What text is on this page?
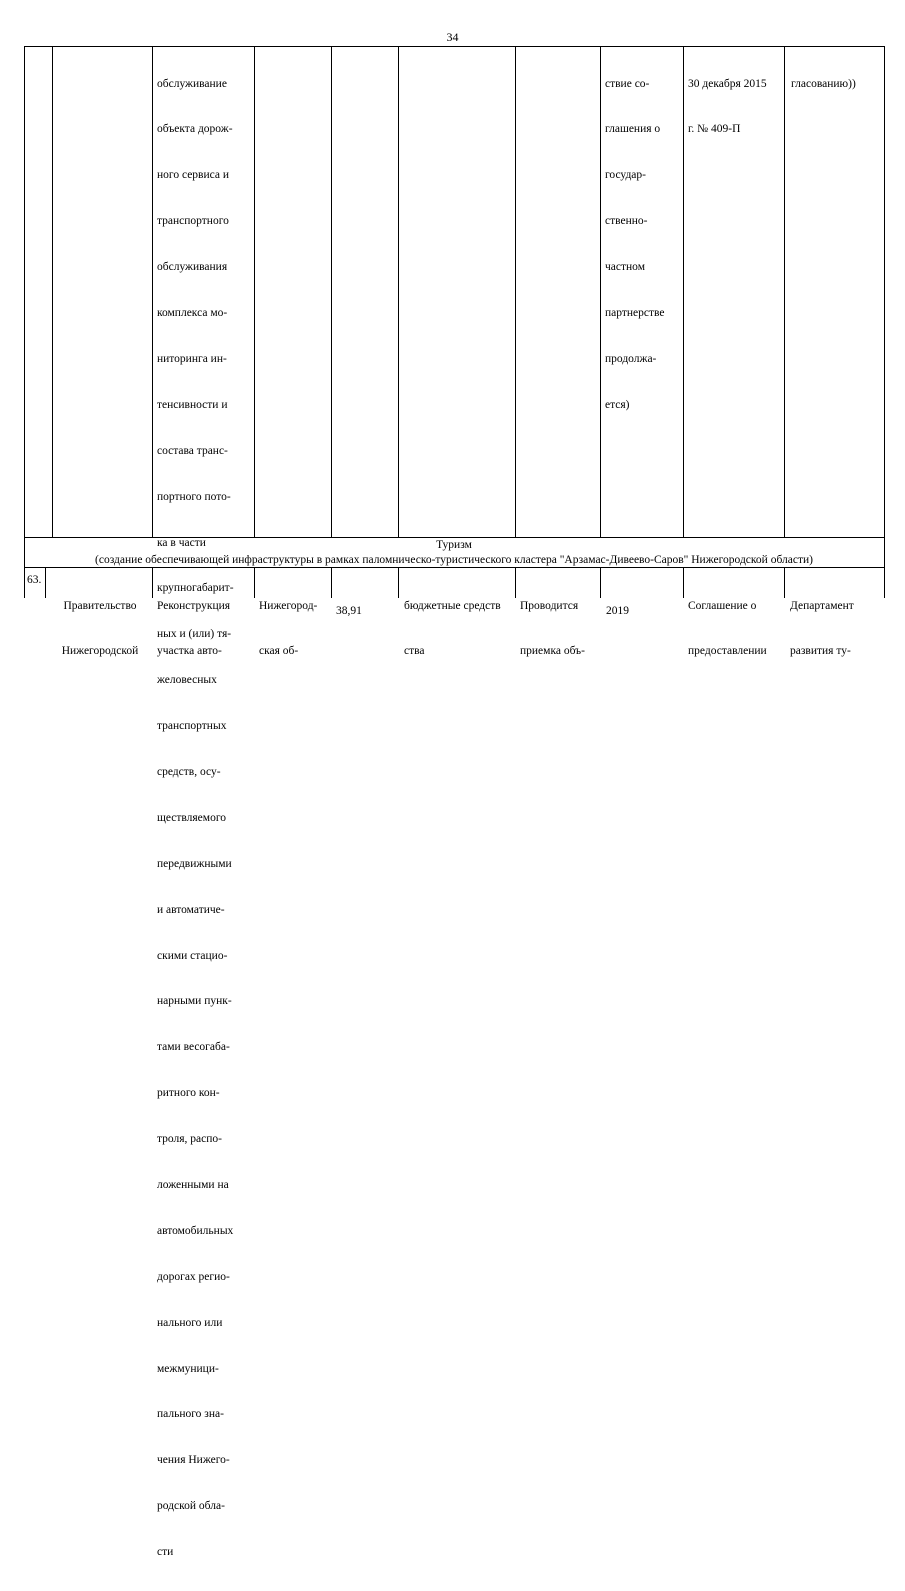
34

обслуживание

объекта дорож-

ного сервиса и

транспортного

обслуживания

комплекса мо-

ниторинга ин-

тенсивности и

состава транс-

портного пото-

ка в части

крупногабарит-

ных и (или) тя-

желовесных

транспортных

средств, осу-

ществляемого

передвижными

и автоматиче-

скими стацио-

нарными пунк-

тами весогаба-

ритного кон-

троля, распо-

ложенными на

автомобильных

дорогах регио-

нального или

межмуници-

пального зна-

чения Нижего-

родской обла-

сти

ствие со-

глашения о

государ-

ственно-

частном

партнерстве

продолжа-

ется)

30 декабря 2015

г. № 409-П

гласованию))

Туризм
(создание обеспечивающей инфраструктуры в рамках паломническо-туристического кластера "Арзамас-Дивеево-Саров" Нижегородской области)
63.

Правительство

Нижегородской

Реконструкция

участка авто-

Нижегород-

ская об-

38,91

	бюджетные средств

ства

Проводится

приемка объ-

2019

	Соглашение о

предоставлении

Департамент

развития ту-
